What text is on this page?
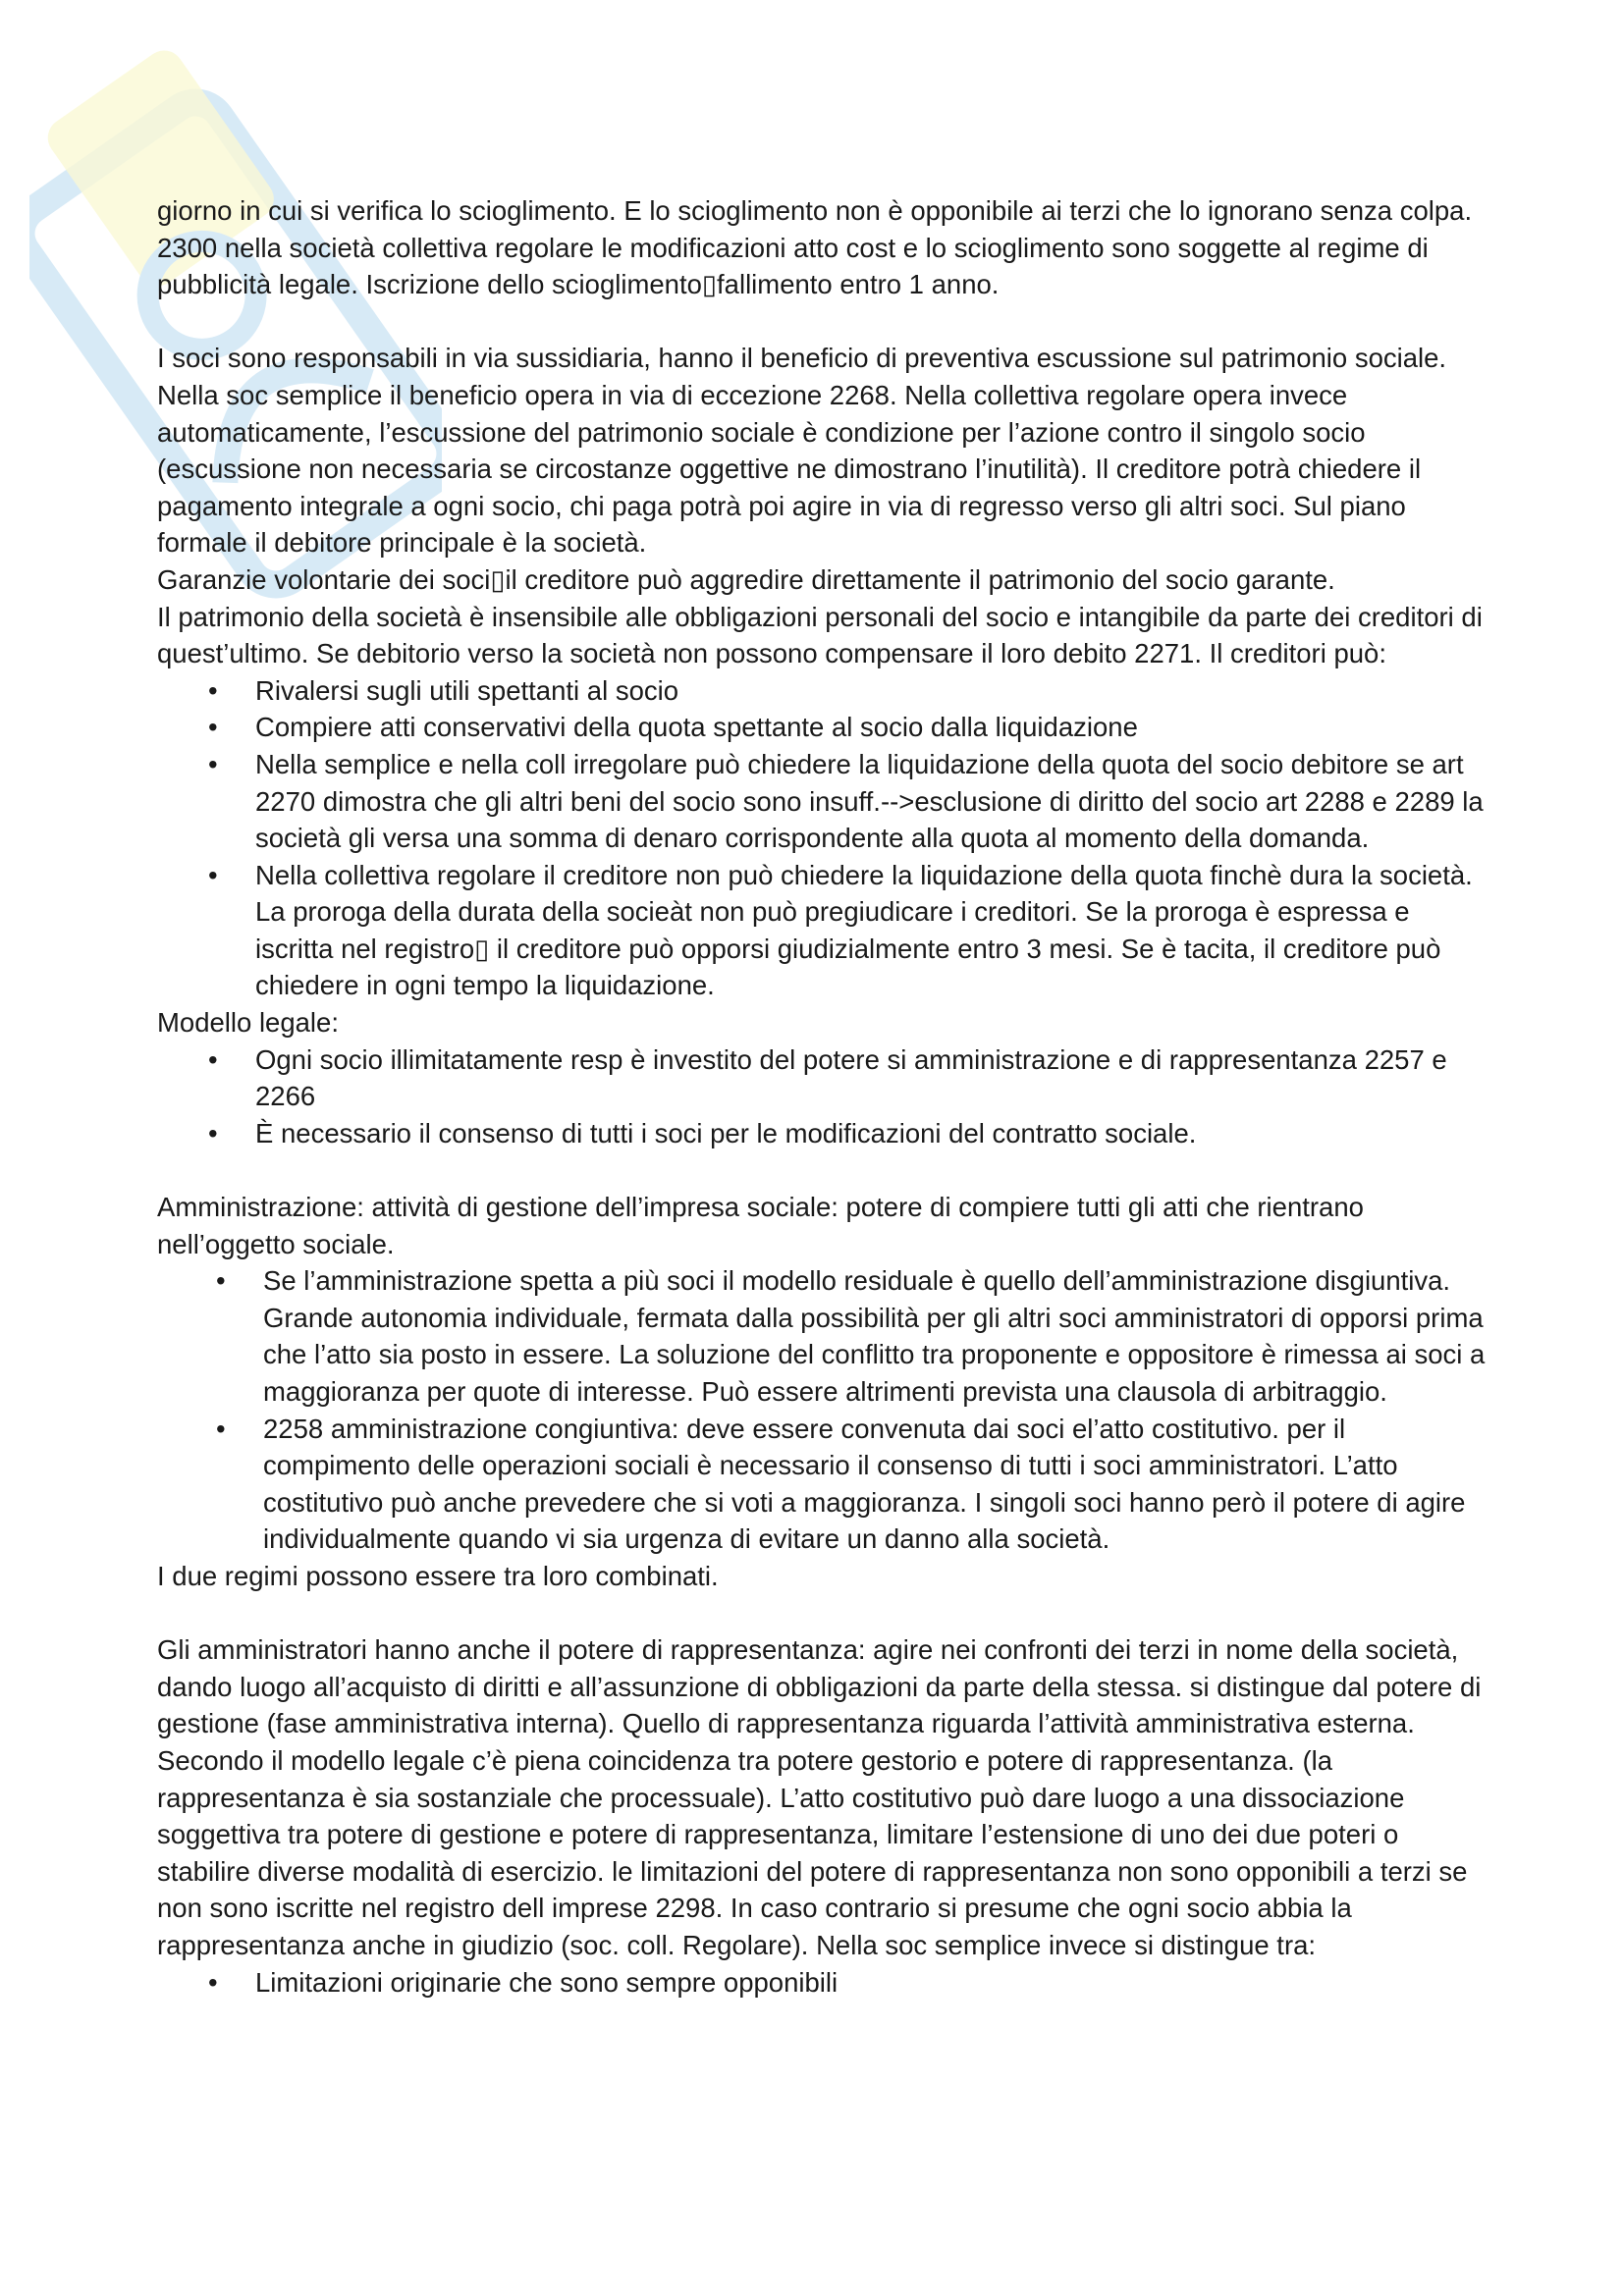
giorno in cui si verifica lo scioglimento. E lo scioglimento non è opponibile ai terzi che lo ignorano senza colpa. 2300 nella società collettiva regolare le modificazioni atto cost e lo scioglimento sono soggette al regime di pubblicità legale. Iscrizione dello scioglimento▯fallimento entro 1 anno.

I soci sono responsabili in via sussidiaria, hanno il beneficio di preventiva escussione sul patrimonio sociale. Nella soc semplice il beneficio opera in via di eccezione 2268. Nella collettiva regolare opera invece automaticamente, l’escussione del patrimonio sociale è condizione per l’azione contro il singolo socio (escussione non necessaria se circostanze oggettive ne dimostrano l’inutilità). Il creditore potrà chiedere il pagamento integrale a ogni socio, chi paga potrà poi agire in via di regresso verso gli altri soci. Sul piano formale il debitore principale è la società.

Garanzie volontarie dei soci▯il creditore può aggredire direttamente il patrimonio del socio garante.

Il patrimonio della società è insensibile alle obbligazioni personali del socio e intangibile da parte dei creditori di quest’ultimo. Se debitorio verso la società non possono compensare il loro debito 2271. Il creditori può:

• Rivalersi sugli utili spettanti al socio
• Compiere atti conservativi della quota spettante al socio dalla liquidazione
• Nella semplice e nella coll irregolare può chiedere la liquidazione della quota del socio debitore se art 2270 dimostra che gli altri beni del socio sono insuff.-->esclusione di diritto del socio art 2288 e 2289 la società gli versa una somma di denaro corrispondente alla quota al momento della domanda.
• Nella collettiva regolare il creditore non può chiedere la liquidazione della quota finchè dura la società. La proroga della durata della socieàt non può pregiudicare i creditori. Se la proroga è espressa e iscritta nel registro▯ il creditore può opporsi giudizialmente entro 3 mesi. Se è tacita, il creditore può chiedere in ogni tempo la liquidazione.

Modello legale:

• Ogni socio illimitatamente resp è investito del potere si amministrazione e di rappresentanza 2257 e 2266
• È necessario il consenso di tutti i soci per le modificazioni del contratto sociale.

Amministrazione: attività di gestione dell’impresa sociale: potere di compiere tutti gli atti che rientrano nell’oggetto sociale.

• Se l’amministrazione spetta a più soci il modello residuale è quello dell’amministrazione disgiuntiva. Grande autonomia individuale, fermata dalla possibilità per gli altri soci amministratori di opporsi prima che l’atto sia posto in essere. La soluzione del conflitto tra proponente e oppositore è rimessa ai soci a maggioranza per quote di interesse. Può essere altrimenti prevista una clausola di arbitraggio.
• 2258 amministrazione congiuntiva: deve essere convenuta dai soci el’atto costitutivo. per il compimento delle operazioni sociali è necessario il consenso di tutti i soci amministratori. L’atto costitutivo può anche prevedere che si voti a maggioranza. I singoli soci hanno però il potere di agire individualmente quando vi sia urgenza di evitare un danno alla società.

I due regimi possono essere tra loro combinati.

Gli amministratori hanno anche il potere di rappresentanza: agire nei confronti dei terzi in nome della società, dando luogo all’acquisto di diritti e all’assunzione di obbligazioni da parte della stessa. si distingue dal potere di gestione (fase amministrativa interna). Quello di rappresentanza riguarda l’attività amministrativa esterna. Secondo il modello legale c’è piena coincidenza tra potere gestorio e potere di rappresentanza. (la rappresentanza è sia sostanziale che processuale). L’atto costitutivo può dare luogo a una dissociazione soggettiva tra potere di gestione e potere di rappresentanza, limitare l’estensione di uno dei due poteri o stabilire diverse modalità di esercizio. le limitazioni del potere di rappresentanza non sono opponibili a terzi se non sono iscritte nel registro dell imprese 2298. In caso contrario si presume che ogni socio abbia la rappresentanza anche in giudizio (soc. coll. Regolare). Nella soc semplice invece si distingue tra:

• Limitazioni originarie che sono sempre opponibili
